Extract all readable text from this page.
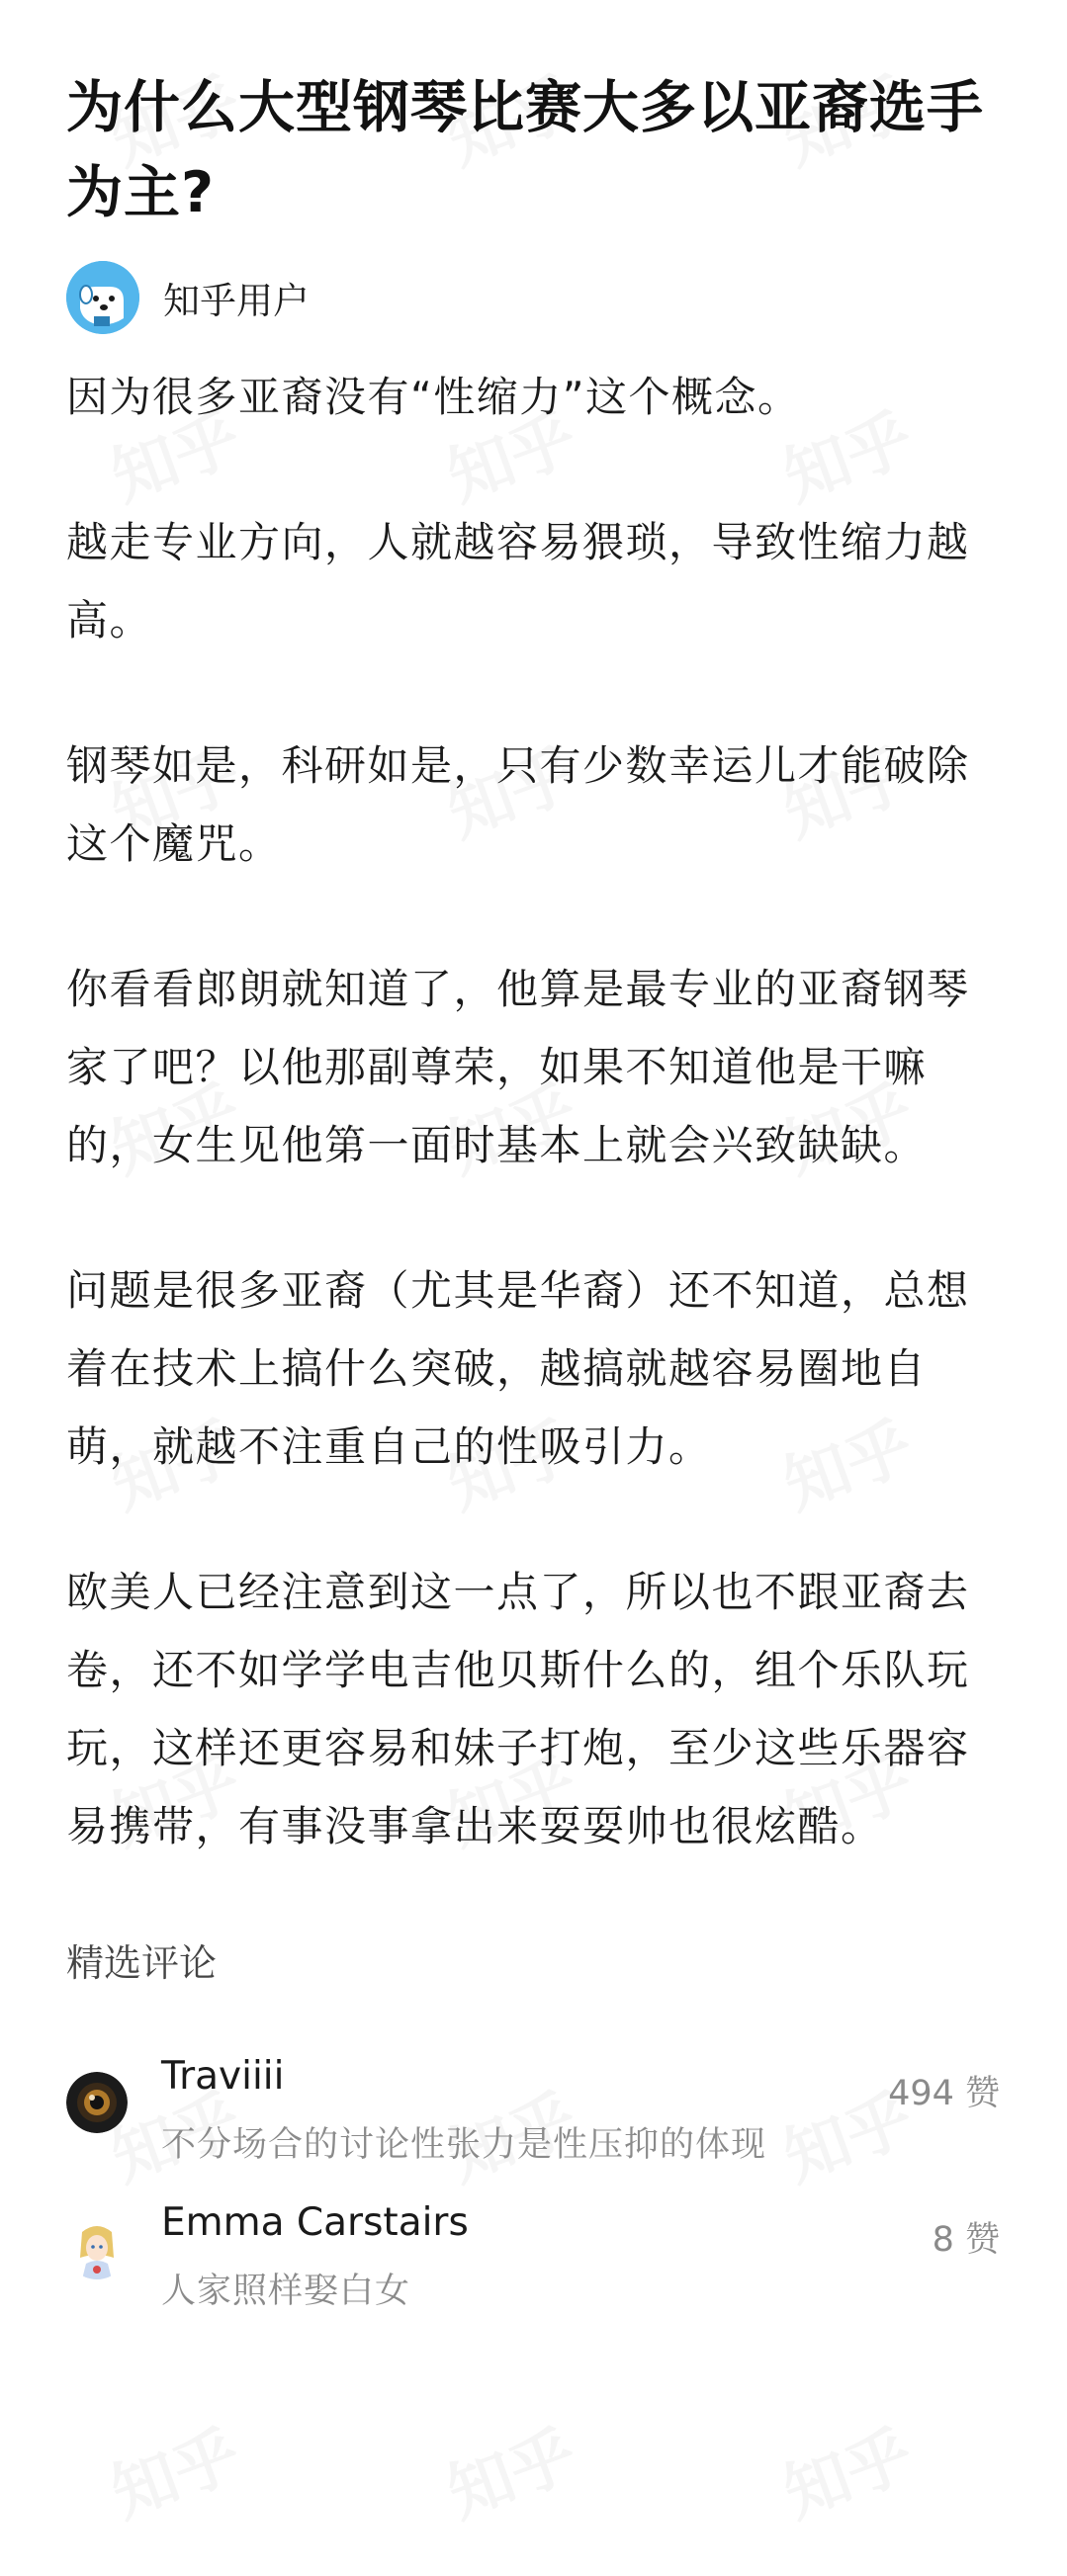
为什么大型钢琴比赛大多以亚裔选手为主?
知乎用户

因为很多亚裔没有“性缩力”这个概念。

越走专业方向，人就越容易猥琐，导致性缩力越高。

钢琴如是，科研如是，只有少数幸运儿才能破除这个魔咒。

你看看郎朗就知道了，他算是最专业的亚裔钢琴家了吧？以他那副尊荣，如果不知道他是干嘛的，女生见他第一面时基本上就会兴致缺缺。

问题是很多亚裔（尤其是华裔）还不知道，总想着在技术上搞什么突破，越搞就越容易圈地自萌，就越不注重自己的性吸引力。

欧美人已经注意到这一点了，所以也不跟亚裔去卷，还不如学学电吉他贝斯什么的，组个乐队玩玩，这样还更容易和妹子打炮，至少这些乐器容易携带，有事没事拿出来耍耍帅也很炫酷。

精选评论
Traviiii
不分场合的讨论性张力是性压抑的体现
494 赞
Emma Carstairs
人家照样娶白女
8 赞
